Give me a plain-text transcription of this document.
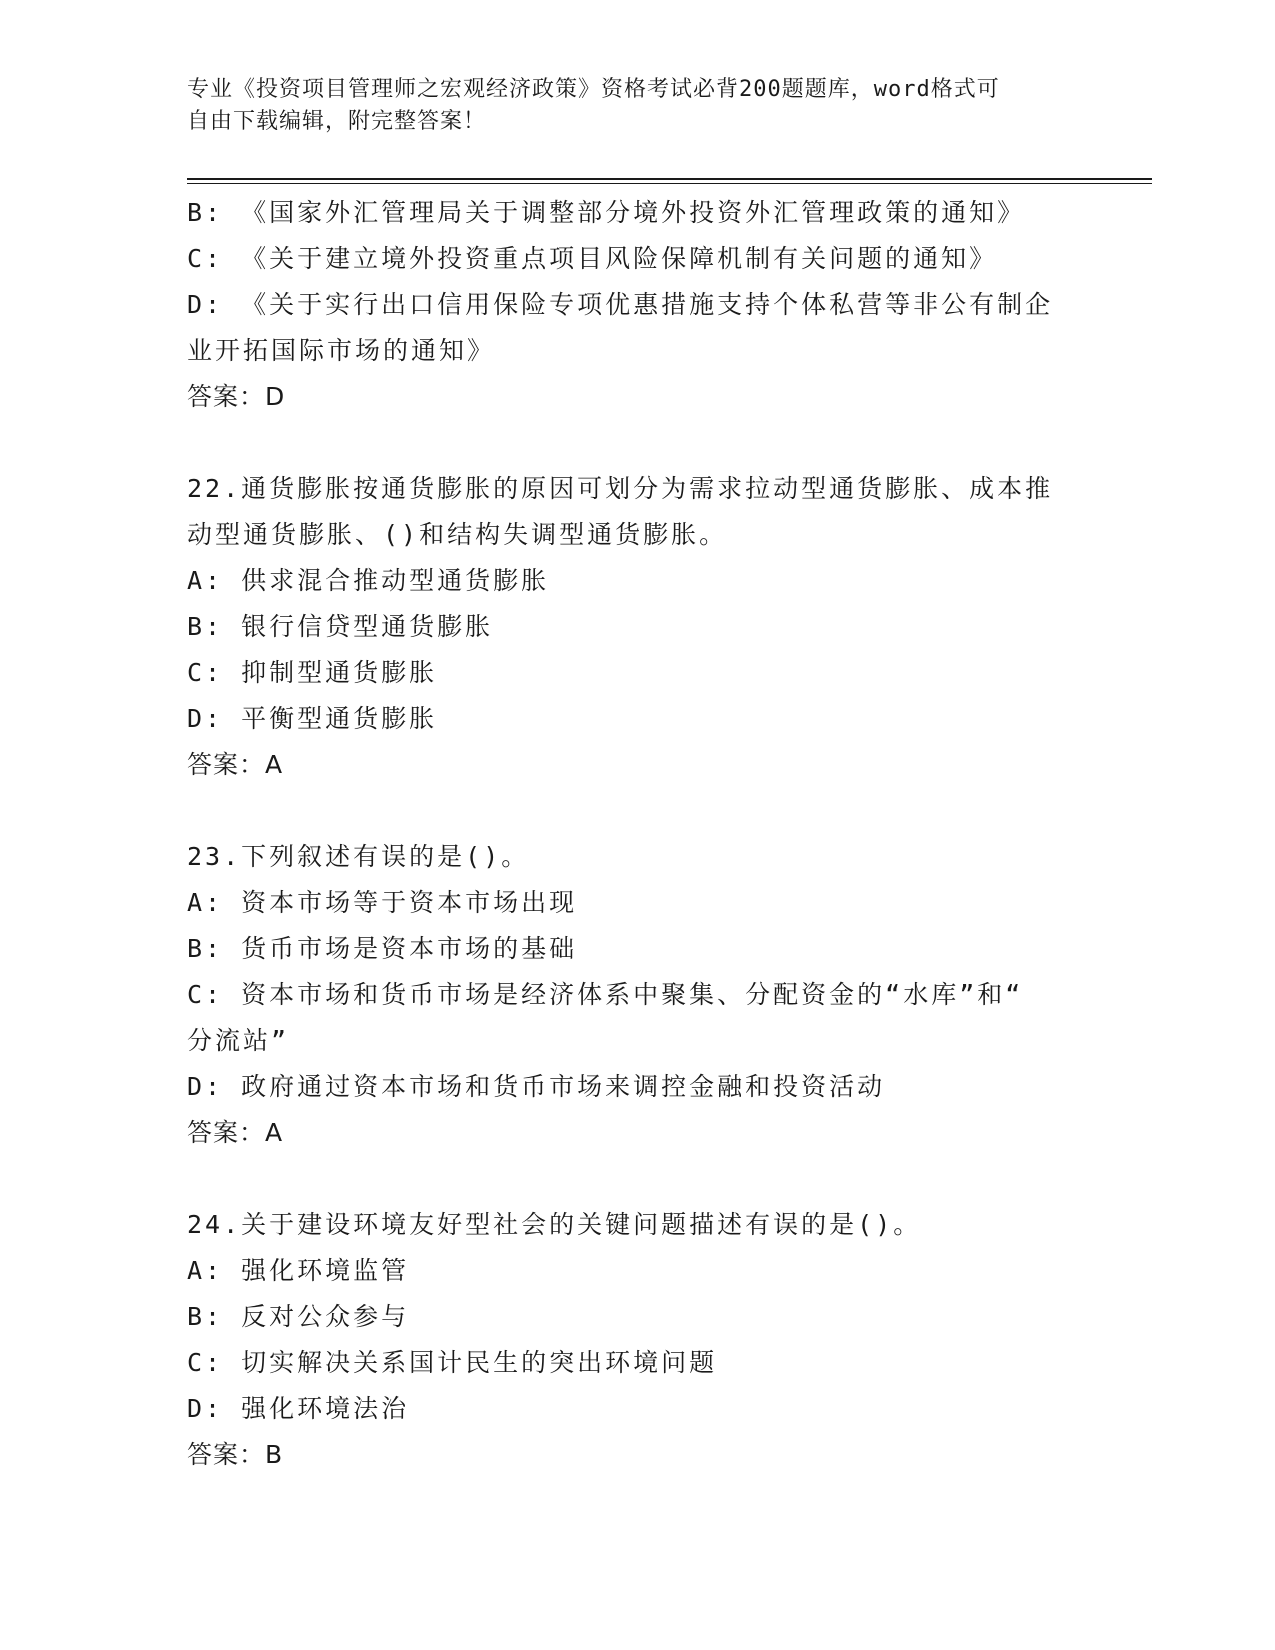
专业《投资项目管理师之宏观经济政策》资格考试必背200题题库，word格式可
自由下载编辑，附完整答案！
B: 《国家外汇管理局关于调整部分境外投资外汇管理政策的通知》
C: 《关于建立境外投资重点项目风险保障机制有关问题的通知》
D: 《关于实行出口信用保险专项优惠措施支持个体私营等非公有制企
业开拓国际市场的通知》
答案：D
22.通货膨胀按通货膨胀的原因可划分为需求拉动型通货膨胀、成本推
动型通货膨胀、()和结构失调型通货膨胀。
A: 供求混合推动型通货膨胀
B: 银行信贷型通货膨胀
C: 抑制型通货膨胀
D: 平衡型通货膨胀
答案：A
23.下列叙述有误的是()。
A: 资本市场等于资本市场出现
B: 货币市场是资本市场的基础
C: 资本市场和货币市场是经济体系中聚集、分配资金的“水库”和“
分流站”
D: 政府通过资本市场和货币市场来调控金融和投资活动
答案：A
24.关于建设环境友好型社会的关键问题描述有误的是()。
A: 强化环境监管
B: 反对公众参与
C: 切实解决关系国计民生的突出环境问题
D: 强化环境法治
答案：B
